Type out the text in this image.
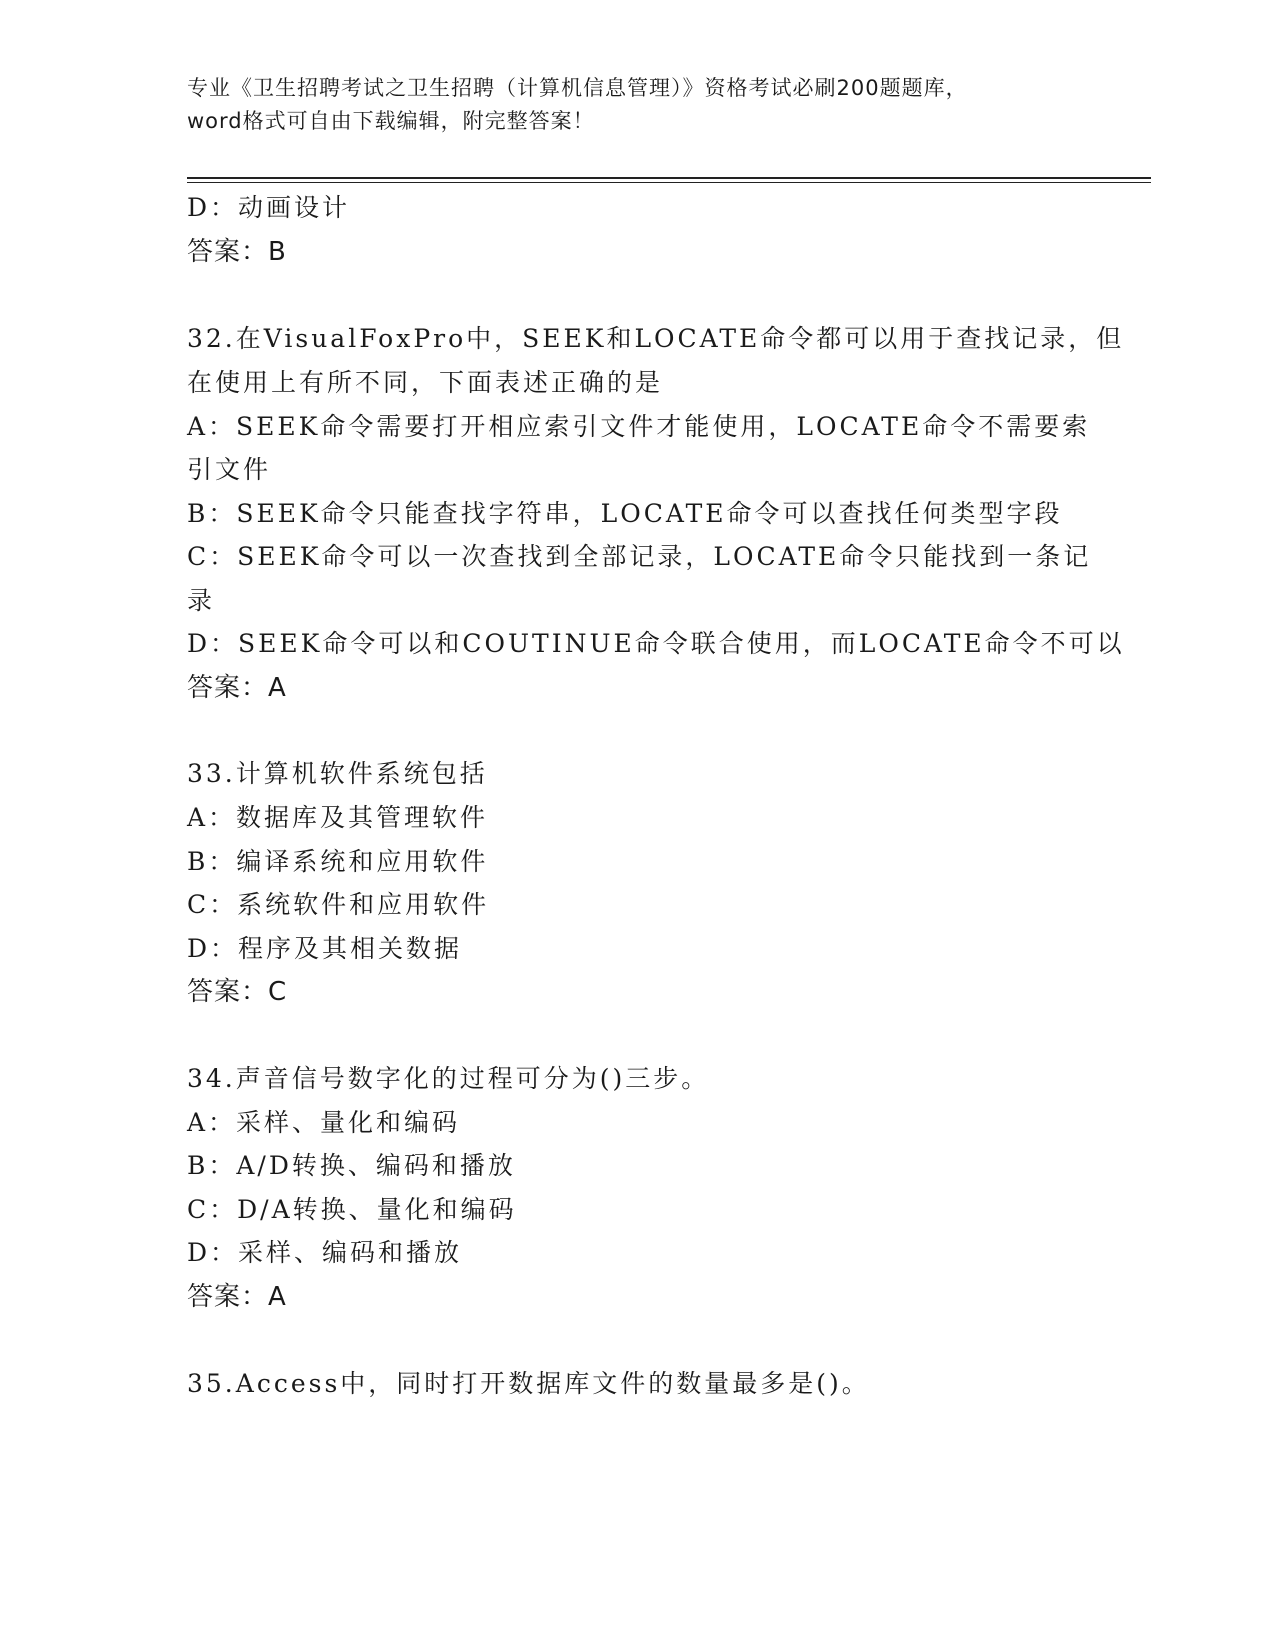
专业《卫生招聘考试之卫生招聘（计算机信息管理）》资格考试必刷200题题库，
word格式可自由下载编辑，附完整答案！
D：动画设计
答案：B
32.在VisualFoxPro中，SEEK和LOCATE命令都可以用于查找记录，但
在使用上有所不同，下面表述正确的是
A：SEEK命令需要打开相应索引文件才能使用，LOCATE命令不需要索
引文件
B：SEEK命令只能查找字符串，LOCATE命令可以查找任何类型字段
C：SEEK命令可以一次查找到全部记录，LOCATE命令只能找到一条记
录
D：SEEK命令可以和COUTINUE命令联合使用，而LOCATE命令不可以
答案：A
33.计算机软件系统包括
A：数据库及其管理软件
B：编译系统和应用软件
C：系统软件和应用软件
D：程序及其相关数据
答案：C
34.声音信号数字化的过程可分为()三步。
A：采样、量化和编码
B：A/D转换、编码和播放
C：D/A转换、量化和编码
D：采样、编码和播放
答案：A
35.Access中，同时打开数据库文件的数量最多是()。
